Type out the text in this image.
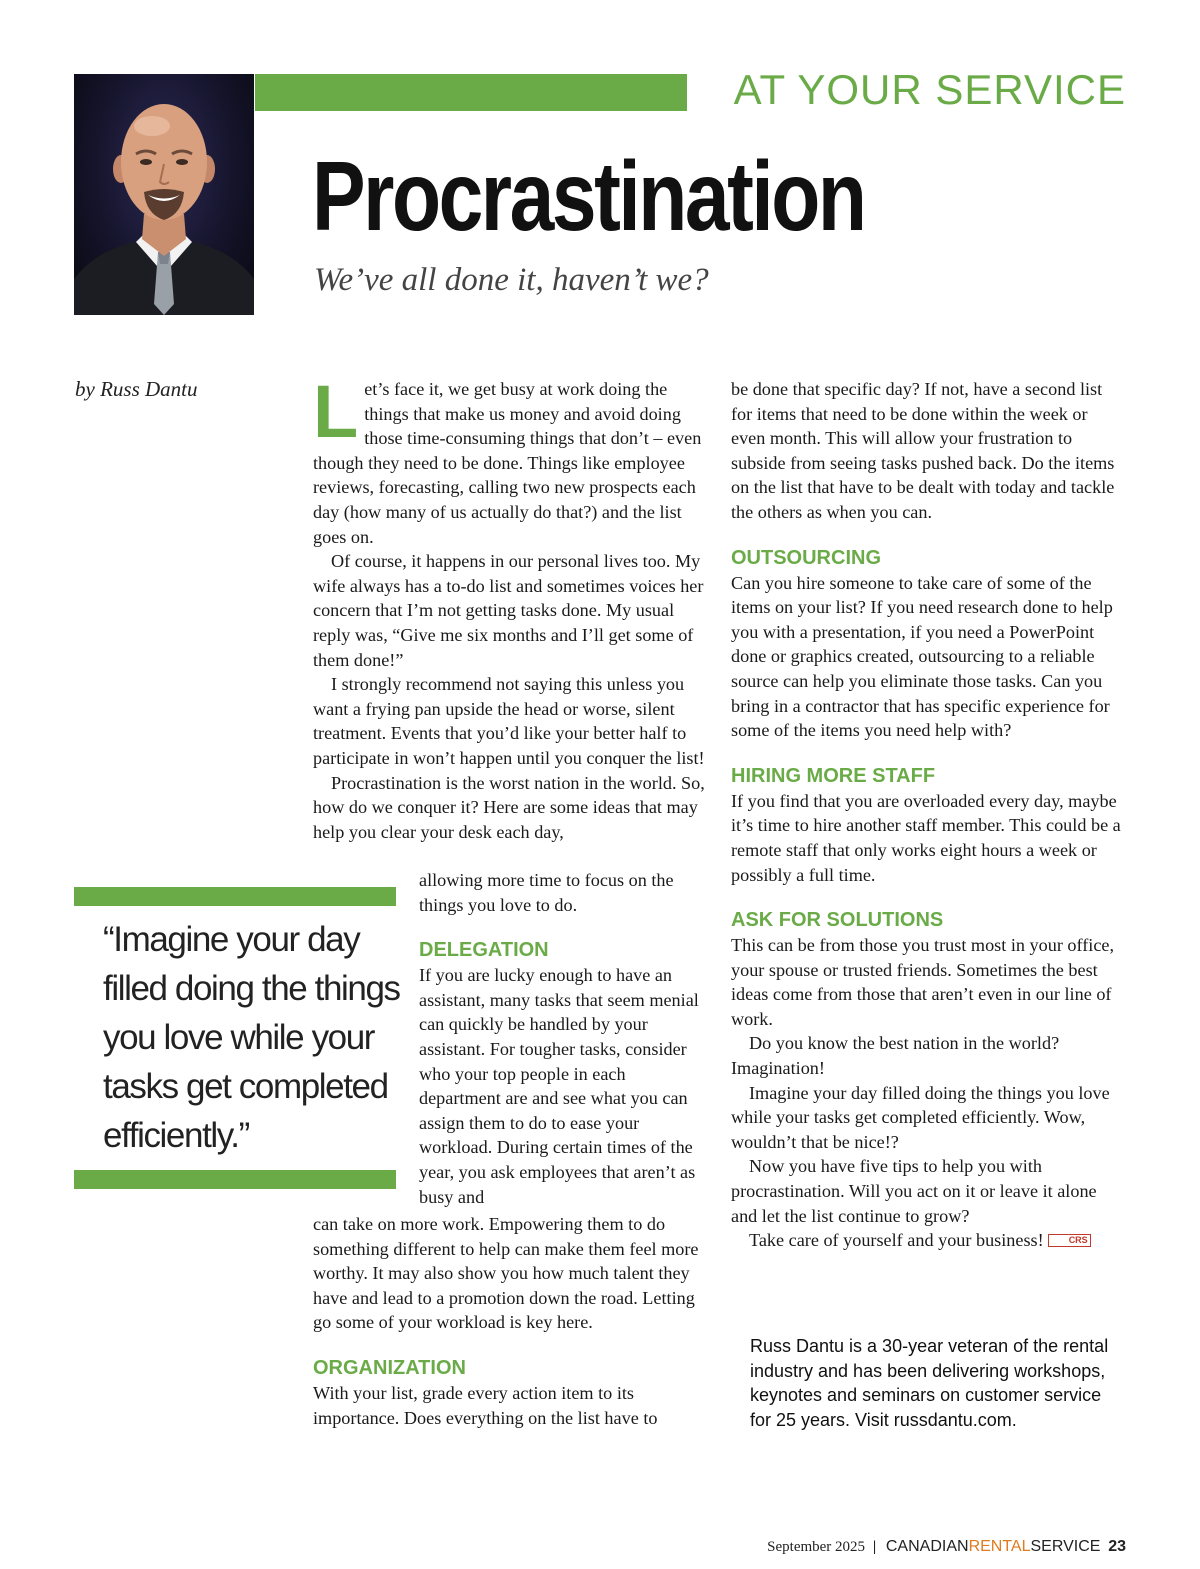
AT YOUR SERVICE
Procrastination
We’ve all done it, haven’t we?
by Russ Dantu Let’s face it, we get busy at work doing the things that make us money and avoid doing those time-consuming things that don’t – even though they need to be done. Things like employee reviews, forecasting, calling two new prospects each day (how many of us actually do that?) and the list goes on.

Of course, it happens in our personal lives too. My wife always has a to-do list and sometimes voices her concern that I’m not getting tasks done. My usual reply was, “Give me six months and I’ll get some of them done!”

I strongly recommend not saying this unless you want a frying pan upside the head or worse, silent treatment. Events that you’d like your better half to participate in won’t happen until you conquer the list!

Procrastination is the worst nation in the world. So, how do we conquer it? Here are some ideas that may help you clear your desk each day,

allowing more time to focus on the things you love to do.

DELEGATION

If you are lucky enough to have an assistant, many tasks that seem menial can quickly be handled by your assistant. For tougher tasks, consider who your top people in each department are and see what you can assign them to do to ease your workload. During certain times of the year, you ask employees that aren’t as busy and

can take on more work. Empowering them to do something different to help can make them feel more worthy. It may also show you how much talent they have and lead to a promotion down the road. Letting go some of your workload is key here.

ORGANIZATION

With your list, grade every action item to its importance. Does everything on the list have to

be done that specific day? If not, have a second list for items that need to be done within the week or even month. This will allow your frustration to subside from seeing tasks pushed back. Do the items on the list that have to be dealt with today and tackle the others as when you can.

OUTSOURCING

Can you hire someone to take care of some of the items on your list? If you need research done to help you with a presentation, if you need a PowerPoint done or graphics created, outsourcing to a reliable source can help you eliminate those tasks. Can you bring in a contractor that has specific experience for some of the items you need help with?

HIRING MORE STAFF

If you find that you are overloaded every day, maybe it’s time to hire another staff member. This could be a remote staff that only works eight hours a week or possibly a full time.

ASK FOR SOLUTIONS

This can be from those you trust most in your office, your spouse or trusted friends. Sometimes the best ideas come from those that aren’t even in our line of work.

Do you know the best nation in the world? Imagination!

Imagine your day filled doing the things you love while your tasks get completed efficiently. Wow, wouldn’t that be nice!?

Now you have five tips to help you with procrastination. Will you act on it or leave it alone and let the list continue to grow?

Take care of yourself and your business!	CRS

“Imagine your day filled doing the things you love while your tasks get completed efficiently.”
Russ Dantu is a 30-year veteran of the rental industry and has been delivering workshops, keynotes and seminars on customer service for 25 years. Visit russdantu.com.
September 2025 | CANADIANRENTALSERVICE 23
